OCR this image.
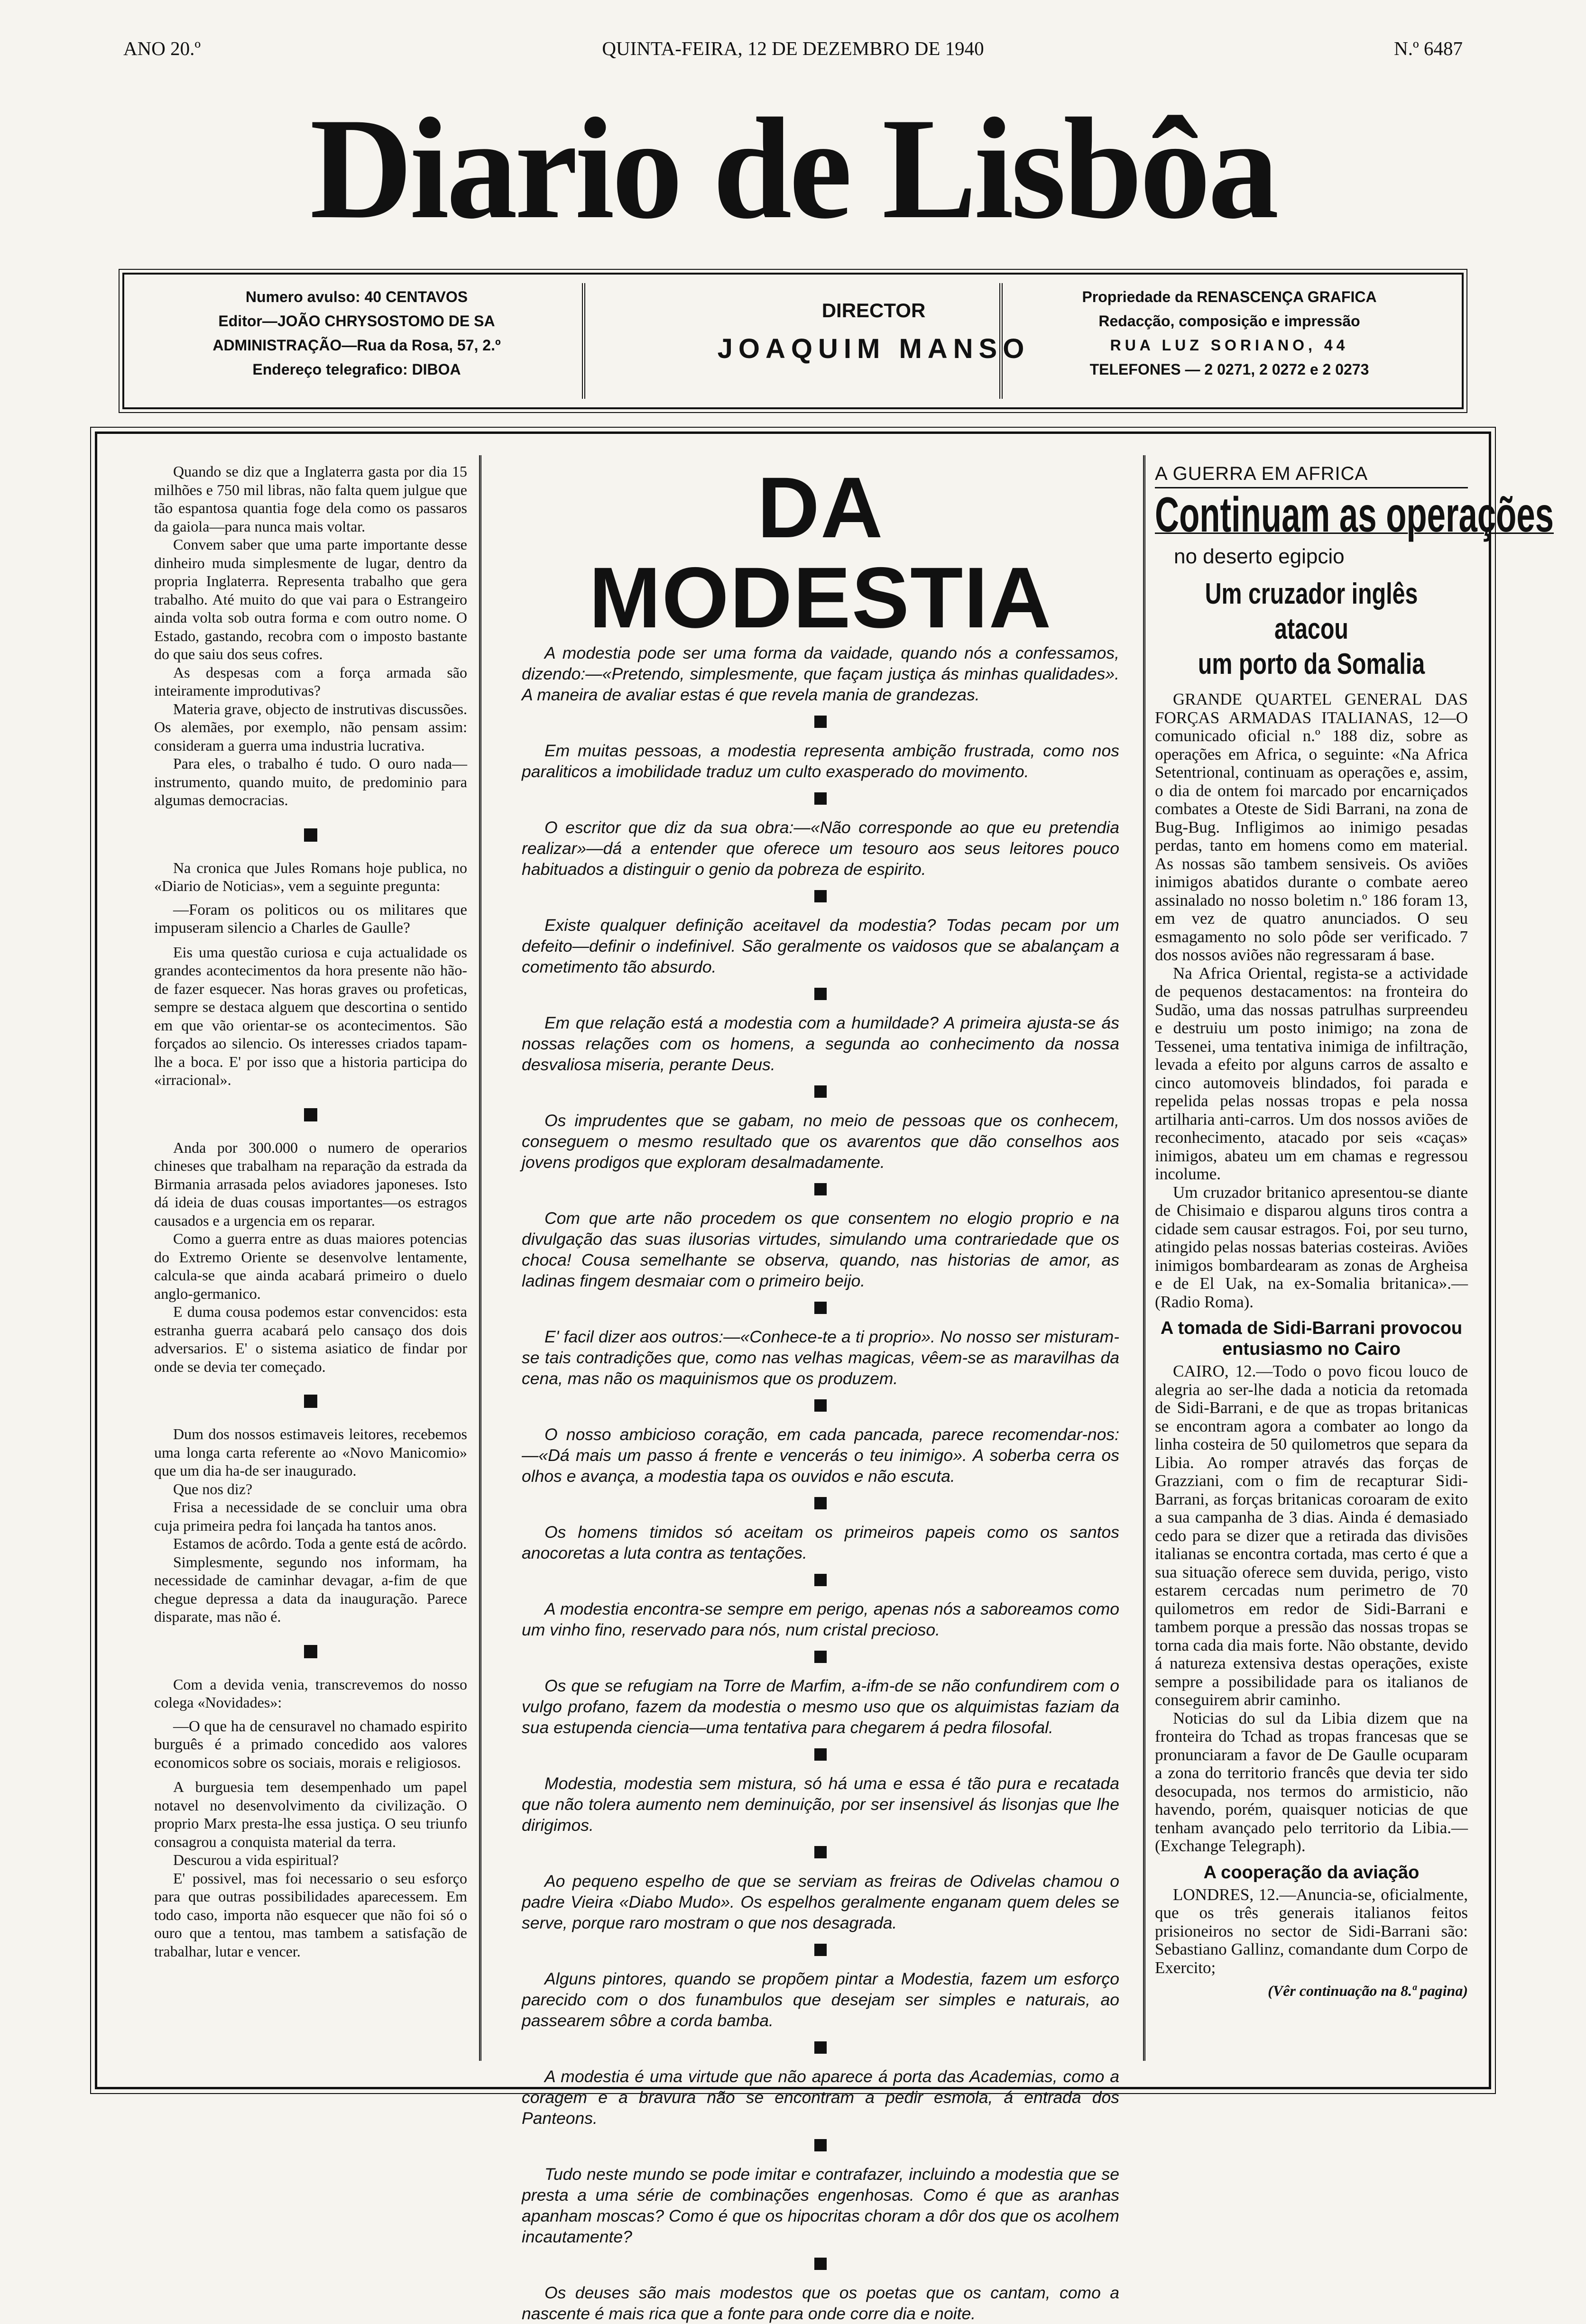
ANO 20.º	QUINTA-FEIRA, 12 DE DEZEMBRO DE 1940	N.º 6487
Diario de Lisbôa
Numero avulso: 40 CENTAVOS
Editor—JOÃO CHRYSOSTOMO DE SA
ADMINISTRAÇÃO—Rua da Rosa, 57, 2.º
Endereço telegrafico: DIBOA
DIRECTOR
JOAQUIM MANSO
Propriedade da RENASCENÇA GRAFICA
Redacção, composição e impressão
RUA LUZ SORIANO, 44
TELEFONES — 2 0271, 2 0272 e 2 0273

Quando se diz que a Inglaterra gasta por dia 15 milhões e 750 mil libras, não falta quem julgue que tão espantosa quantia foge dela como os passaros da gaiola—para nunca mais voltar.

Convem saber que uma parte importante desse dinheiro muda simplesmente de lugar, dentro da propria Inglaterra. Representa trabalho que gera trabalho. Até muito do que vai para o Estrangeiro ainda volta sob outra forma e com outro nome. O Estado, gastando, recobra com o imposto bastante do que saiu dos seus cofres.

As despesas com a força armada são inteiramente improdutivas?

Materia grave, objecto de instrutivas discussões. Os alemães, por exemplo, não pensam assim: consideram a guerra uma industria lucrativa.

Para eles, o trabalho é tudo. O ouro nada—instrumento, quando muito, de predominio para algumas democracias.

Na cronica que Jules Romans hoje publica, no «Diario de Noticias», vem a seguinte pregunta:

—Foram os politicos ou os militares que impuseram silencio a Charles de Gaulle?

Eis uma questão curiosa e cuja actualidade os grandes acontecimentos da hora presente não hão-de fazer esquecer. Nas horas graves ou profeticas, sempre se destaca alguem que descortina o sentido em que vão orientar-se os acontecimentos. São forçados ao silencio. Os interesses criados tapam-lhe a boca. E' por isso que a historia participa do «irracional».

Anda por 300.000 o numero de operarios chineses que trabalham na reparação da estrada da Birmania arrasada pelos aviadores japoneses. Isto dá ideia de duas cousas importantes—os estragos causados e a urgencia em os reparar.

Como a guerra entre as duas maiores potencias do Extremo Oriente se desenvolve lentamente, calcula-se que ainda acabará primeiro o duelo anglo-germanico.

E duma cousa podemos estar convencidos: esta estranha guerra acabará pelo cansaço dos dois adversarios. E' o sistema asiatico de findar por onde se devia ter começado.

Dum dos nossos estimaveis leitores, recebemos uma longa carta referente ao «Novo Manicomio» que um dia ha-de ser inaugurado.

Que nos diz?

Frisa a necessidade de se concluir uma obra cuja primeira pedra foi lançada ha tantos anos.

Estamos de acôrdo. Toda a gente está de acôrdo.

Simplesmente, segundo nos informam, ha necessidade de caminhar devagar, a-fim de que chegue depressa a data da inauguração. Parece disparate, mas não é.

Com a devida venia, transcrevemos do nosso colega «Novidades»:

—O que ha de censuravel no chamado espirito burguês é a primado concedido aos valores economicos sobre os sociais, morais e religiosos.

A burguesia tem desempenhado um papel notavel no desenvolvimento da civilização. O proprio Marx presta-lhe essa justiça. O seu triunfo consagrou a conquista material da terra.

Descurou a vida espiritual?

E' possivel, mas foi necessario o seu esforço para que outras possibilidades aparecessem. Em todo caso, importa não esquecer que não foi só o ouro que a tentou, mas tambem a satisfação de trabalhar, lutar e vencer.

DA MODESTIA

A modestia pode ser uma forma da vaidade, quando nós a confessamos, dizendo:—«Pretendo, simplesmente, que façam justiça ás minhas qualidades». A maneira de avaliar estas é que revela mania de grandezas.

Em muitas pessoas, a modestia representa ambição frustrada, como nos paraliticos a imobilidade traduz um culto exasperado do movimento.

O escritor que diz da sua obra:—«Não corresponde ao que eu pretendia realizar»—dá a entender que oferece um tesouro aos seus leitores pouco habituados a distinguir o genio da pobreza de espirito.

Existe qualquer definição aceitavel da modestia? Todas pecam por um defeito—definir o indefinivel. São geralmente os vaidosos que se abalançam a cometimento tão absurdo.

Em que relação está a modestia com a humildade? A primeira ajusta-se ás nossas relações com os homens, a segunda ao conhecimento da nossa desvaliosa miseria, perante Deus.

Os imprudentes que se gabam, no meio de pessoas que os conhecem, conseguem o mesmo resultado que os avarentos que dão conselhos aos jovens prodigos que exploram desalmadamente.

Com que arte não procedem os que consentem no elogio proprio e na divulgação das suas ilusorias virtudes, simulando uma contrariedade que os choca! Cousa semelhante se observa, quando, nas historias de amor, as ladinas fingem desmaiar com o primeiro beijo.

E' facil dizer aos outros:—«Conhece-te a ti proprio». No nosso ser misturam-se tais contradições que, como nas velhas magicas, vêem-se as maravilhas da cena, mas não os maquinismos que os produzem.

O nosso ambicioso coração, em cada pancada, parece recomendar-nos:—«Dá mais um passo á frente e vencerás o teu inimigo». A soberba cerra os olhos e avança, a modestia tapa os ouvidos e não escuta.

Os homens timidos só aceitam os primeiros papeis como os santos anocoretas a luta contra as tentações.

A modestia encontra-se sempre em perigo, apenas nós a saboreamos como um vinho fino, reservado para nós, num cristal precioso.

Os que se refugiam na Torre de Marfim, a-ifm-de se não confundirem com o vulgo profano, fazem da modestia o mesmo uso que os alquimistas faziam da sua estupenda ciencia—uma tentativa para chegarem á pedra filosofal.

Modestia, modestia sem mistura, só há uma e essa é tão pura e recatada que não tolera aumento nem deminuição, por ser insensivel ás lisonjas que lhe dirigimos.

Ao pequeno espelho de que se serviam as freiras de Odivelas chamou o padre Vieira «Diabo Mudo». Os espelhos geralmente enganam quem deles se serve, porque raro mostram o que nos desagrada.

Alguns pintores, quando se propõem pintar a Modestia, fazem um esforço parecido com o dos funambulos que desejam ser simples e naturais, ao passearem sôbre a corda bamba.

A modestia é uma virtude que não aparece á porta das Academias, como a coragem e a bravura não se encontram a pedir esmola, á entrada dos Panteons.

Tudo neste mundo se pode imitar e contrafazer, incluindo a modestia que se presta a uma série de combinações engenhosas. Como é que as aranhas apanham moscas? Como é que os hipocritas choram a dôr dos que os acolhem incautamente?

Os deuses são mais modestos que os poetas que os cantam, como a nascente é mais rica que a fonte para onde corre dia e noite.

A GUERRA EM AFRICA
Continuam as operações
no deserto egipcio
Um cruzador inglês atacou
um porto da Somalia

GRANDE QUARTEL GENERAL DAS FORÇAS ARMADAS ITALIANAS, 12—O comunicado oficial n.º 188 diz, sobre as operações em Africa, o seguinte: «Na Africa Setentrional, continuam as operações e, assim, o dia de ontem foi marcado por encarniçados combates a Oteste de Sidi Barrani, na zona de Bug-Bug. Infligimos ao inimigo pesadas perdas, tanto em homens como em material. As nossas são tambem sensiveis. Os aviões inimigos abatidos durante o combate aereo assinalado no nosso boletim n.º 186 foram 13, em vez de quatro anunciados. O seu esmagamento no solo pôde ser verificado. 7 dos nossos aviões não regressaram á base.

Na Africa Oriental, regista-se a actividade de pequenos destacamentos: na fronteira do Sudão, uma das nossas patrulhas surpreendeu e destruiu um posto inimigo; na zona de Tessenei, uma tentativa inimiga de infiltração, levada a efeito por alguns carros de assalto e cinco automoveis blindados, foi parada e repelida pelas nossas tropas e pela nossa artilharia anti-carros. Um dos nossos aviões de reconhecimento, atacado por seis «caças» inimigos, abateu um em chamas e regressou incolume.

Um cruzador britanico apresentou-se diante de Chisimaio e disparou alguns tiros contra a cidade sem causar estragos. Foi, por seu turno, atingido pelas nossas baterias costeiras. Aviões inimigos bombardearam as zonas de Argheisa e de El Uak, na ex-Somalia britanica».—(Radio Roma).

A tomada de Sidi-Barrani provocou entusiasmo no Cairo

CAIRO, 12.—Todo o povo ficou louco de alegria ao ser-lhe dada a noticia da retomada de Sidi-Barrani, e de que as tropas britanicas se encontram agora a combater ao longo da linha costeira de 50 quilometros que separa da Libia. Ao romper através das forças de Grazziani, com o fim de recapturar Sidi-Barrani, as forças britanicas coroaram de exito a sua campanha de 3 dias. Ainda é demasiado cedo para se dizer que a retirada das divisões italianas se encontra cortada, mas certo é que a sua situação oferece sem duvida, perigo, visto estarem cercadas num perimetro de 70 quilometros em redor de Sidi-Barrani e tambem porque a pressão das nossas tropas se torna cada dia mais forte. Não obstante, devido á natureza extensiva destas operações, existe sempre a possibilidade para os italianos de conseguirem abrir caminho.

Noticias do sul da Libia dizem que na fronteira do Tchad as tropas francesas que se pronunciaram a favor de De Gaulle ocuparam a zona do territorio francês que devia ter sido desocupada, nos termos do armisticio, não havendo, porém, quaisquer noticias de que tenham avançado pelo territorio da Libia.—(Exchange Telegraph).

A cooperação da aviação

LONDRES, 12.—Anuncia-se, oficialmente, que os três generais italianos feitos prisioneiros no sector de Sidi-Barrani são: Sebastiano Gallinz, comandante dum Corpo de Exercito;

(Vêr continuação na 8.ª pagina)
